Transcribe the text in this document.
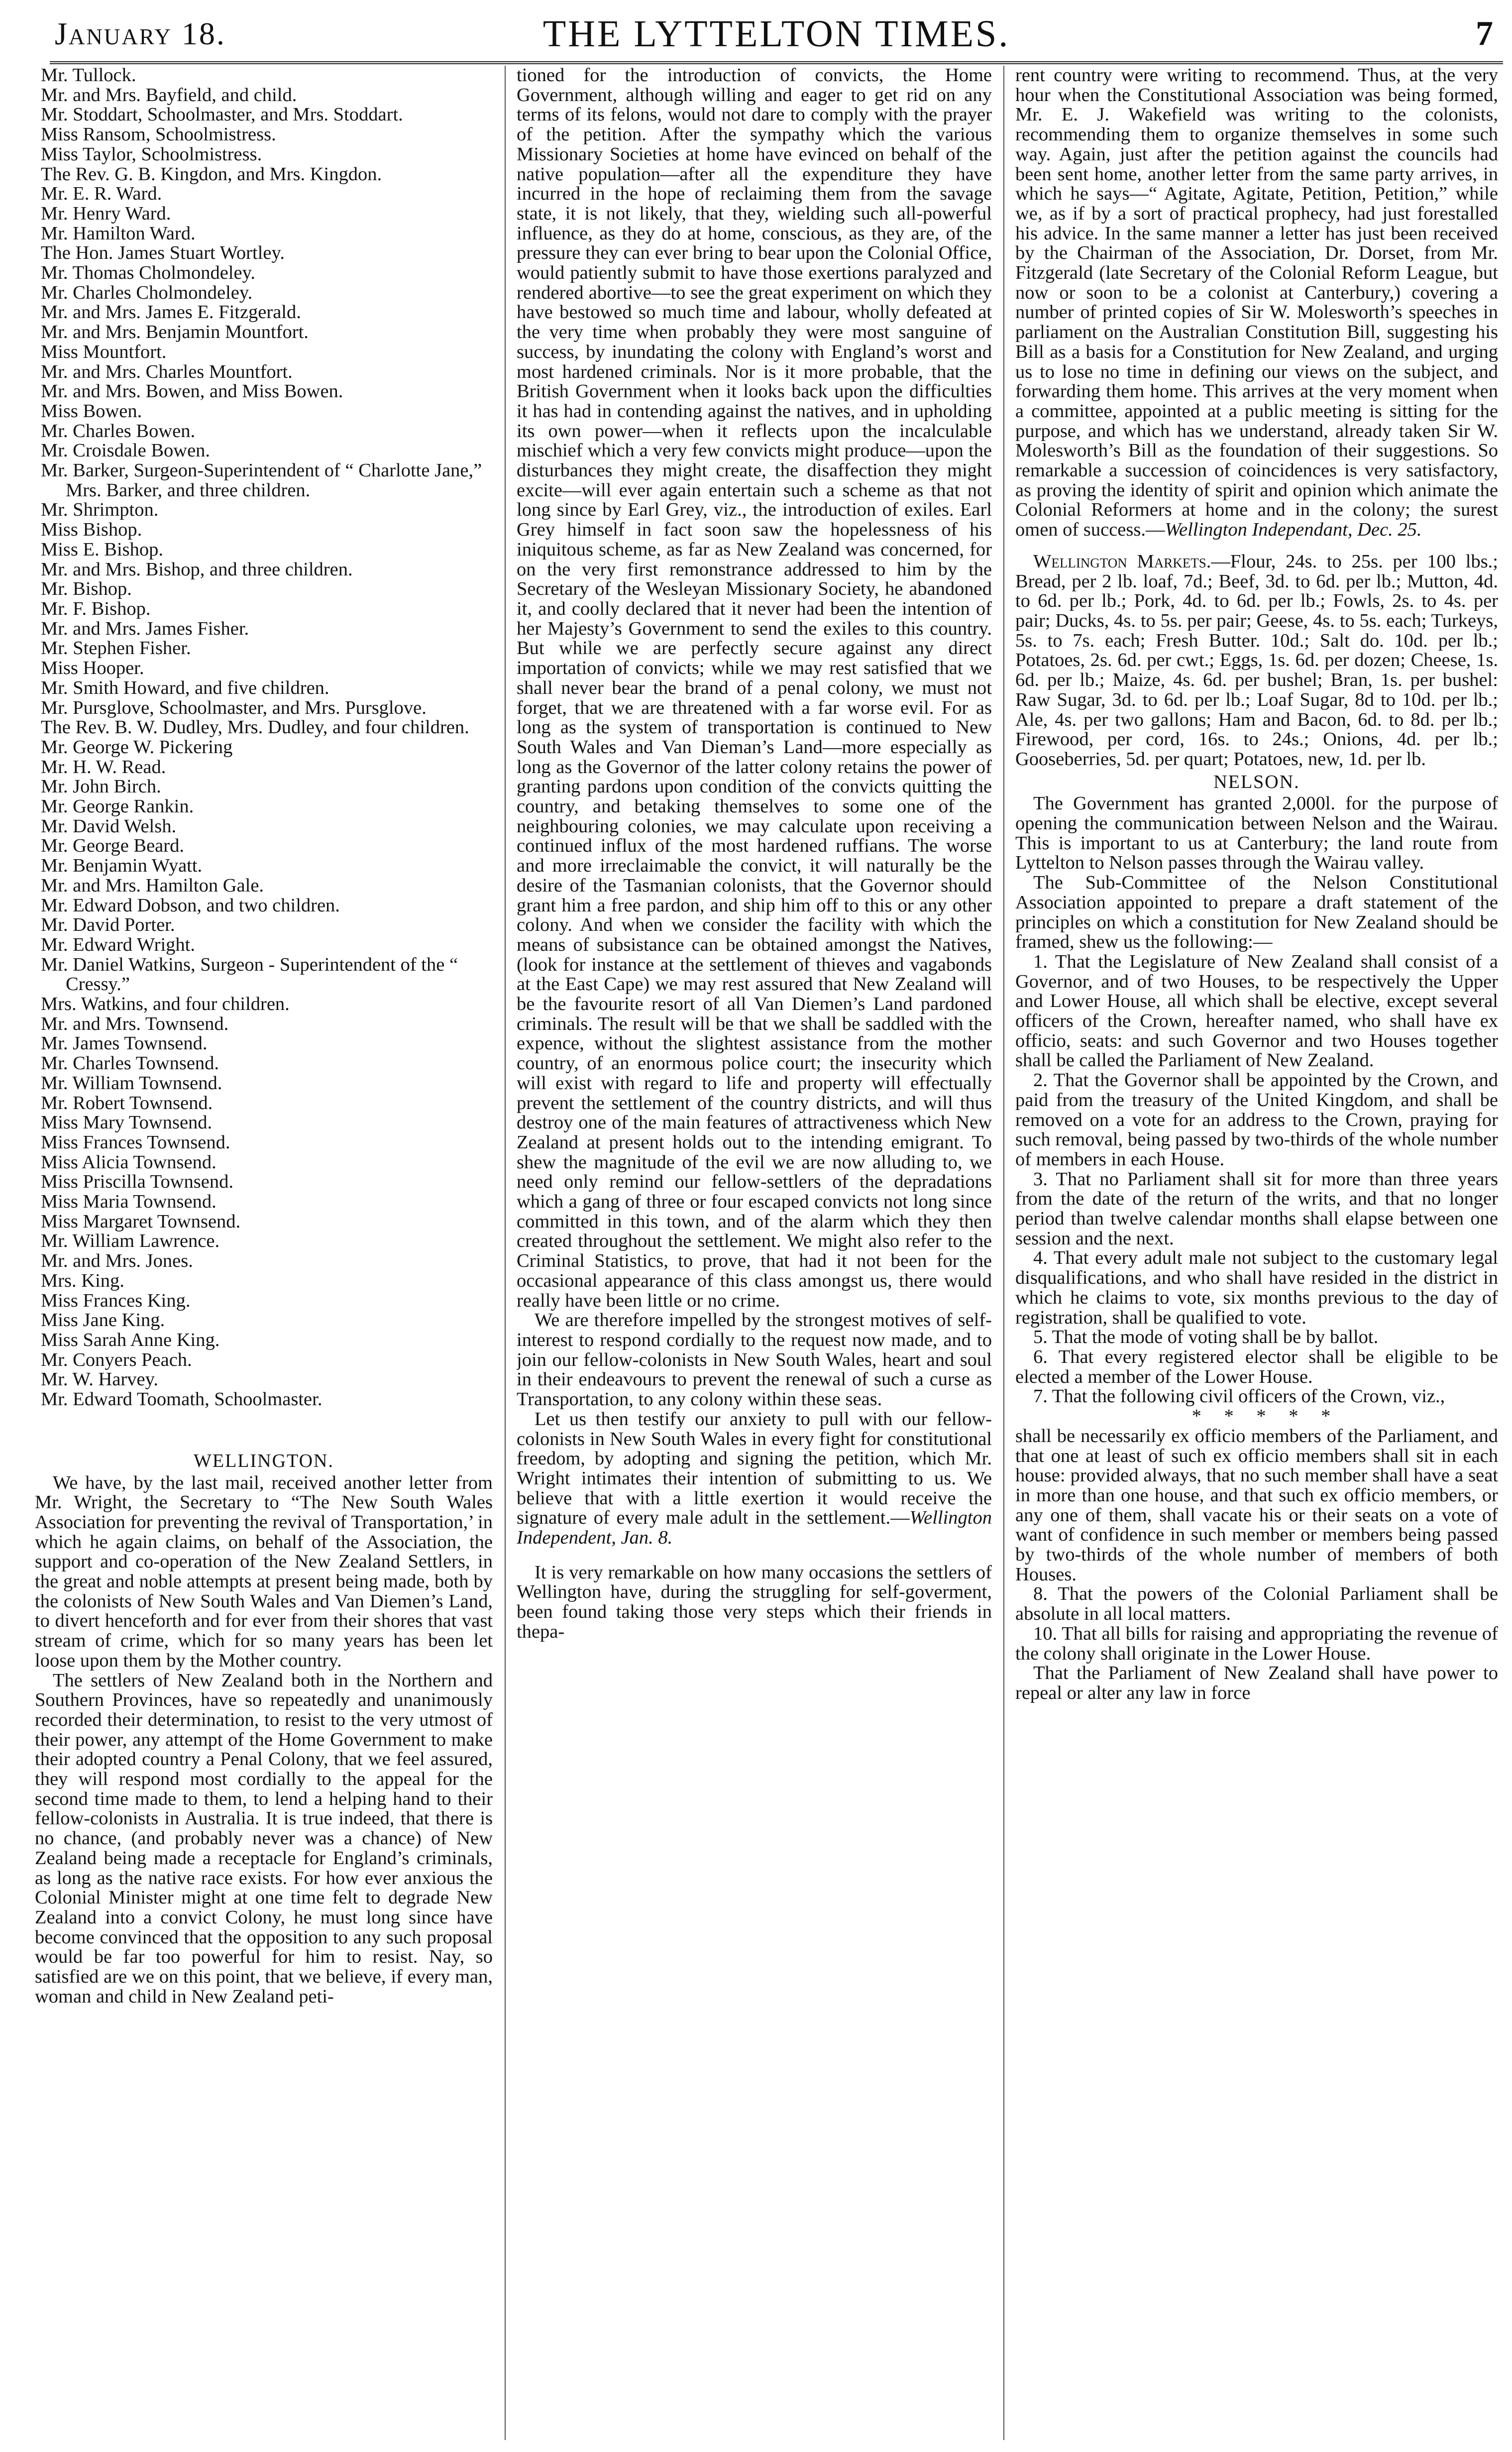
January 18.	THE LYTTELTON TIMES.	7
Mr. Tullock.
Mr. and Mrs. Bayfield, and child.
Mr. Stoddart, Schoolmaster, and Mrs. Stoddart.
Miss Ransom, Schoolmistress.
Miss Taylor, Schoolmistress.
The Rev. G. B. Kingdon, and Mrs. Kingdon.
Mr. E. R. Ward.
Mr. Henry Ward.
Mr. Hamilton Ward.
The Hon. James Stuart Wortley.
Mr. Thomas Cholmondeley.
Mr. Charles Cholmondeley.
Mr. and Mrs. James E. Fitzgerald.
Mr. and Mrs. Benjamin Mountfort.
Miss Mountfort.
Mr. and Mrs. Charles Mountfort.
Mr. and Mrs. Bowen, and Miss Bowen.
Miss Bowen.
Mr. Charles Bowen.
Mr. Croisdale Bowen.
Mr. Barker, Surgeon-Superintendent of “ Charlotte Jane,” Mrs. Barker, and three children.
Mr. Shrimpton.
Miss Bishop.
Miss E. Bishop.
Mr. and Mrs. Bishop, and three children.
Mr. Bishop.
Mr. F. Bishop.
Mr. and Mrs. James Fisher.
Mr. Stephen Fisher.
Miss Hooper.
Mr. Smith Howard, and five children.
Mr. Pursglove, Schoolmaster, and Mrs. Pursglove.
The Rev. B. W. Dudley, Mrs. Dudley, and four children.
Mr. George W. Pickering
Mr. H. W. Read.
Mr. John Birch.
Mr. George Rankin.
Mr. David Welsh.
Mr. George Beard.
Mr. Benjamin Wyatt.
Mr. and Mrs. Hamilton Gale.
Mr. Edward Dobson, and two children.
Mr. David Porter.
Mr. Edward Wright.
Mr. Daniel Watkins, Surgeon - Superintendent of the “ Cressy.”
Mrs. Watkins, and four children.
Mr. and Mrs. Townsend.
Mr. James Townsend.
Mr. Charles Townsend.
Mr. William Townsend.
Mr. Robert Townsend.
Miss Mary Townsend.
Miss Frances Townsend.
Miss Alicia Townsend.
Miss Priscilla Townsend.
Miss Maria Townsend.
Miss Margaret Townsend.
Mr. William Lawrence.
Mr. and Mrs. Jones.
Mrs. King.
Miss Frances King.
Miss Jane King.
Miss Sarah Anne King.
Mr. Conyers Peach.
Mr. W. Harvey.
Mr. Edward Toomath, Schoolmaster.
WELLINGTON.

We have, by the last mail, received another letter from Mr. Wright, the Secretary to “The New South Wales Association for preventing the revival of Transportation,’ in which he again claims, on behalf of the Association, the support and co-operation of the New Zealand Settlers, in the great and noble attempts at present being made, both by the colonists of New South Wales and Van Diemen’s Land, to divert henceforth and for ever from their shores that vast stream of crime, which for so many years has been let loose upon them by the Mother country.

The settlers of New Zealand both in the Northern and Southern Provinces, have so repeatedly and unanimously recorded their determination, to resist to the very utmost of their power, any attempt of the Home Government to make their adopted country a Penal Colony, that we feel assured, they will respond most cordially to the appeal for the second time made to them, to lend a helping hand to their fellow-colonists in Australia. It is true indeed, that there is no chance, (and probably never was a chance) of New Zealand being made a receptacle for England’s criminals, as long as the native race exists. For how ever anxious the Colonial Minister might at one time felt to degrade New Zealand into a convict Colony, he must long since have become convinced that the opposition to any such proposal would be far too powerful for him to resist. Nay, so satisfied are we on this point, that we believe, if every man, woman and child in New Zealand peti-

tioned for the introduction of convicts, the Home Government, although willing and eager to get rid on any terms of its felons, would not dare to comply with the prayer of the petition. After the sympathy which the various Missionary Societies at home have evinced on behalf of the native population—after all the expenditure they have incurred in the hope of reclaiming them from the savage state, it is not likely, that they, wielding such all-powerful influence, as they do at home, conscious, as they are, of the pressure they can ever bring to bear upon the Colonial Office, would patiently submit to have those exertions paralyzed and rendered abortive—to see the great experiment on which they have bestowed so much time and labour, wholly defeated at the very time when probably they were most sanguine of success, by inundating the colony with England’s worst and most hardened criminals. Nor is it more probable, that the British Government when it looks back upon the difficulties it has had in contending against the natives, and in upholding its own power—when it reflects upon the incalculable mischief which a very few convicts might produce—upon the disturbances they might create, the disaffection they might excite—will ever again entertain such a scheme as that not long since by Earl Grey, viz., the introduction of exiles. Earl Grey himself in fact soon saw the hopelessness of his iniquitous scheme, as far as New Zealand was concerned, for on the very first remonstrance addressed to him by the Secretary of the Wesleyan Missionary Society, he abandoned it, and coolly declared that it never had been the intention of her Majesty’s Government to send the exiles to this country. But while we are perfectly secure against any direct importation of convicts; while we may rest satisfied that we shall never bear the brand of a penal colony, we must not forget, that we are threatened with a far worse evil. For as long as the system of transportation is continued to New South Wales and Van Dieman’s Land—more especially as long as the Governor of the latter colony retains the power of granting pardons upon condition of the convicts quitting the country, and betaking themselves to some one of the neighbouring colonies, we may calculate upon receiving a continued influx of the most hardened ruffians. The worse and more irreclaimable the convict, it will naturally be the desire of the Tasmanian colonists, that the Governor should grant him a free pardon, and ship him off to this or any other colony. And when we consider the facility with which the means of subsistance can be obtained amongst the Natives, (look for instance at the settlement of thieves and vagabonds at the East Cape) we may rest assured that New Zealand will be the favourite resort of all Van Diemen’s Land pardoned criminals. The result will be that we shall be saddled with the expence, without the slightest assistance from the mother country, of an enormous police court; the insecurity which will exist with regard to life and property will effectually prevent the settlement of the country districts, and will thus destroy one of the main features of attractiveness which New Zealand at present holds out to the intending emigrant. To shew the magnitude of the evil we are now alluding to, we need only remind our fellow-settlers of the depradations which a gang of three or four escaped convicts not long since committed in this town, and of the alarm which they then created throughout the settlement. We might also refer to the Criminal Statistics, to prove, that had it not been for the occasional appearance of this class amongst us, there would really have been little or no crime.

We are therefore impelled by the strongest motives of self-interest to respond cordially to the request now made, and to join our fellow-colonists in New South Wales, heart and soul in their endeavours to prevent the renewal of such a curse as Transportation, to any colony within these seas.

Let us then testify our anxiety to pull with our fellow-colonists in New South Wales in every fight for constitutional freedom, by adopting and signing the petition, which Mr. Wright intimates their intention of submitting to us. We believe that with a little exertion it would receive the signature of every male adult in the settlement.—Wellington Independent, Jan. 8.

It is very remarkable on how many occasions the settlers of Wellington have, during the struggling for self-goverment, been found taking those very steps which their friends in thepa-

rent country were writing to recommend. Thus, at the very hour when the Constitutional Association was being formed, Mr. E. J. Wakefield was writing to the colonists, recommending them to organize themselves in some such way. Again, just after the petition against the councils had been sent home, another letter from the same party arrives, in which he says—“ Agitate, Agitate, Petition, Petition,” while we, as if by a sort of practical prophecy, had just forestalled his advice. In the same manner a letter has just been received by the Chairman of the Association, Dr. Dorset, from Mr. Fitzgerald (late Secretary of the Colonial Reform League, but now or soon to be a colonist at Canterbury,) covering a number of printed copies of Sir W. Molesworth’s speeches in parliament on the Australian Constitution Bill, suggesting his Bill as a basis for a Constitution for New Zealand, and urging us to lose no time in defining our views on the subject, and forwarding them home. This arrives at the very moment when a committee, appointed at a public meeting is sitting for the purpose, and which has we understand, already taken Sir W. Molesworth’s Bill as the foundation of their suggestions. So remarkable a succession of coincidences is very satisfactory, as proving the identity of spirit and opinion which animate the Colonial Reformers at home and in the colony; the surest omen of success.—Wellington Independant, Dec. 25.

Wellington Markets.—Flour, 24s. to 25s. per 100 lbs.; Bread, per 2 lb. loaf, 7d.; Beef, 3d. to 6d. per lb.; Mutton, 4d. to 6d. per lb.; Pork, 4d. to 6d. per lb.; Fowls, 2s. to 4s. per pair; Ducks, 4s. to 5s. per pair; Geese, 4s. to 5s. each; Turkeys, 5s. to 7s. each; Fresh Butter. 10d.; Salt do. 10d. per lb.; Potatoes, 2s. 6d. per cwt.; Eggs, 1s. 6d. per dozen; Cheese, 1s. 6d. per lb.; Maize, 4s. 6d. per bushel; Bran, 1s. per bushel: Raw Sugar, 3d. to 6d. per lb.; Loaf Sugar, 8d to 10d. per lb.; Ale, 4s. per two gallons; Ham and Bacon, 6d. to 8d. per lb.; Firewood, per cord, 16s. to 24s.; Onions, 4d. per lb.; Gooseberries, 5d. per quart; Potatoes, new, 1d. per lb.

NELSON.

The Government has granted 2,000l. for the purpose of opening the communication between Nelson and the Wairau. This is important to us at Canterbury; the land route from Lyttelton to Nelson passes through the Wairau valley.

The Sub-Committee of the Nelson Constitutional Association appointed to prepare a draft statement of the principles on which a constitution for New Zealand should be framed, shew us the following:—

1. That the Legislature of New Zealand shall consist of a Governor, and of two Houses, to be respectively the Upper and Lower House, all which shall be elective, except several officers of the Crown, hereafter named, who shall have ex officio, seats: and such Governor and two Houses together shall be called the Parliament of New Zealand.

2. That the Governor shall be appointed by the Crown, and paid from the treasury of the United Kingdom, and shall be removed on a vote for an address to the Crown, praying for such removal, being passed by two-thirds of the whole number of members in each House.

3. That no Parliament shall sit for more than three years from the date of the return of the writs, and that no longer period than twelve calendar months shall elapse between one session and the next.

4. That every adult male not subject to the customary legal disqualifications, and who shall have resided in the district in which he claims to vote, six months previous to the day of registration, shall be qualified to vote.

5. That the mode of voting shall be by ballot.

6. That every registered elector shall be eligible to be elected a member of the Lower House.

7. That the following civil officers of the Crown, viz.,

* * * * *

shall be necessarily ex officio members of the Parliament, and that one at least of such ex officio members shall sit in each house: provided always, that no such member shall have a seat in more than one house, and that such ex officio members, or any one of them, shall vacate his or their seats on a vote of want of confidence in such member or members being passed by two-thirds of the whole number of members of both Houses.

8. That the powers of the Colonial Parliament shall be absolute in all local matters.

10. That all bills for raising and appropriating the revenue of the colony shall originate in the Lower House.

That the Parliament of New Zealand shall have power to repeal or alter any law in force
